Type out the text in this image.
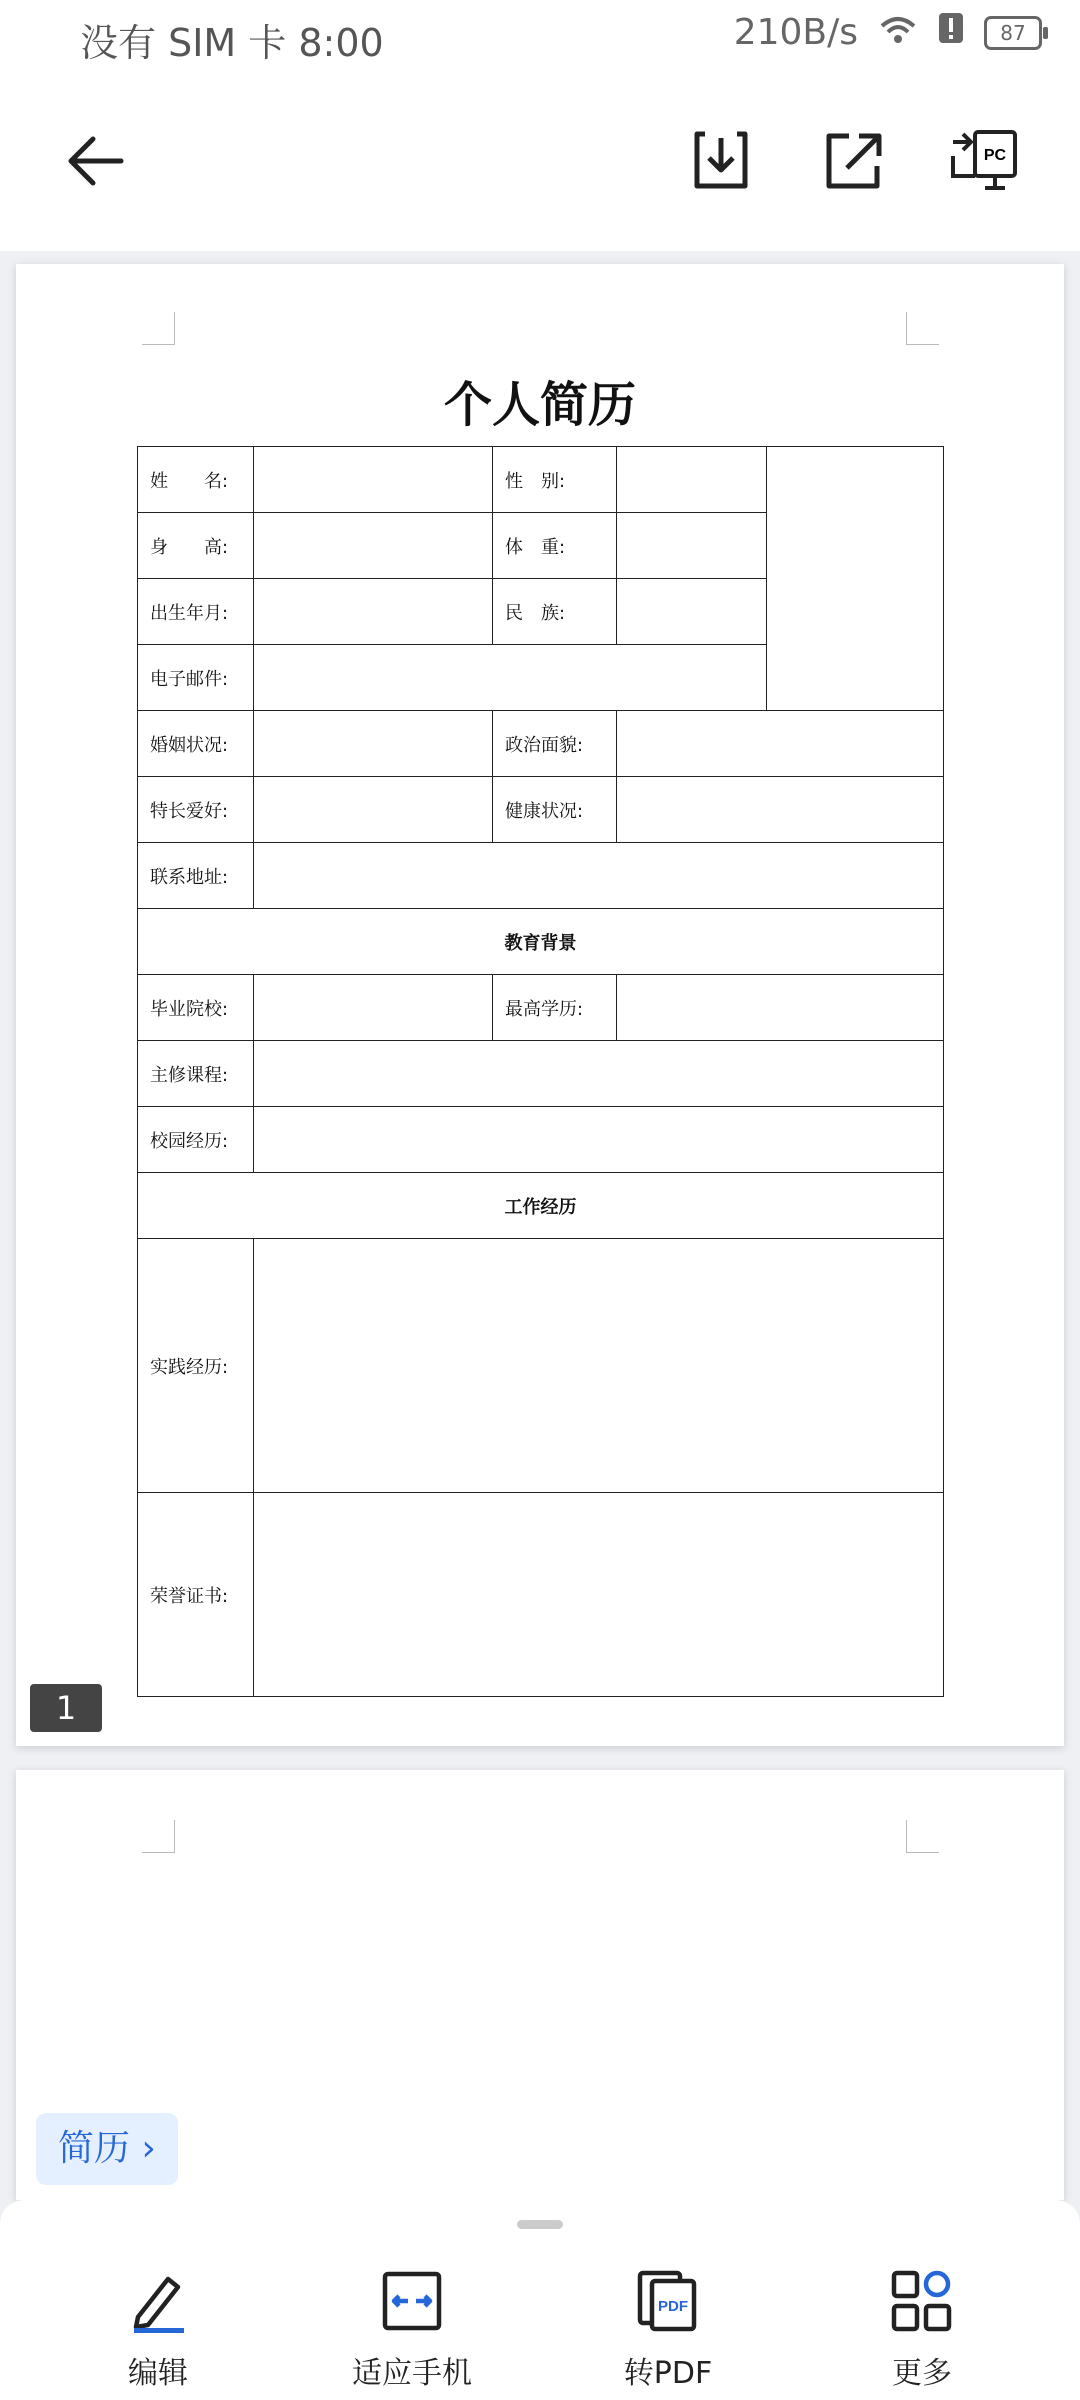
没有 SIM 卡 8:00	210B/s	87
PC
个人简历
姓　　名:		性　别:		
身　　高:		体　重:		
出生年月:		民　族:		
电子邮件:				
婚姻状况:		政治面貌:		
特长爱好:		健康状况:		
联系地址:				
教育背景				
毕业院校:		最高学历:		
主修课程:				
校园经历:				
工作经历				
实践经历:				
荣誉证书:				
1
简历 ›
编辑	适应手机
PDF
转PDF	更多
